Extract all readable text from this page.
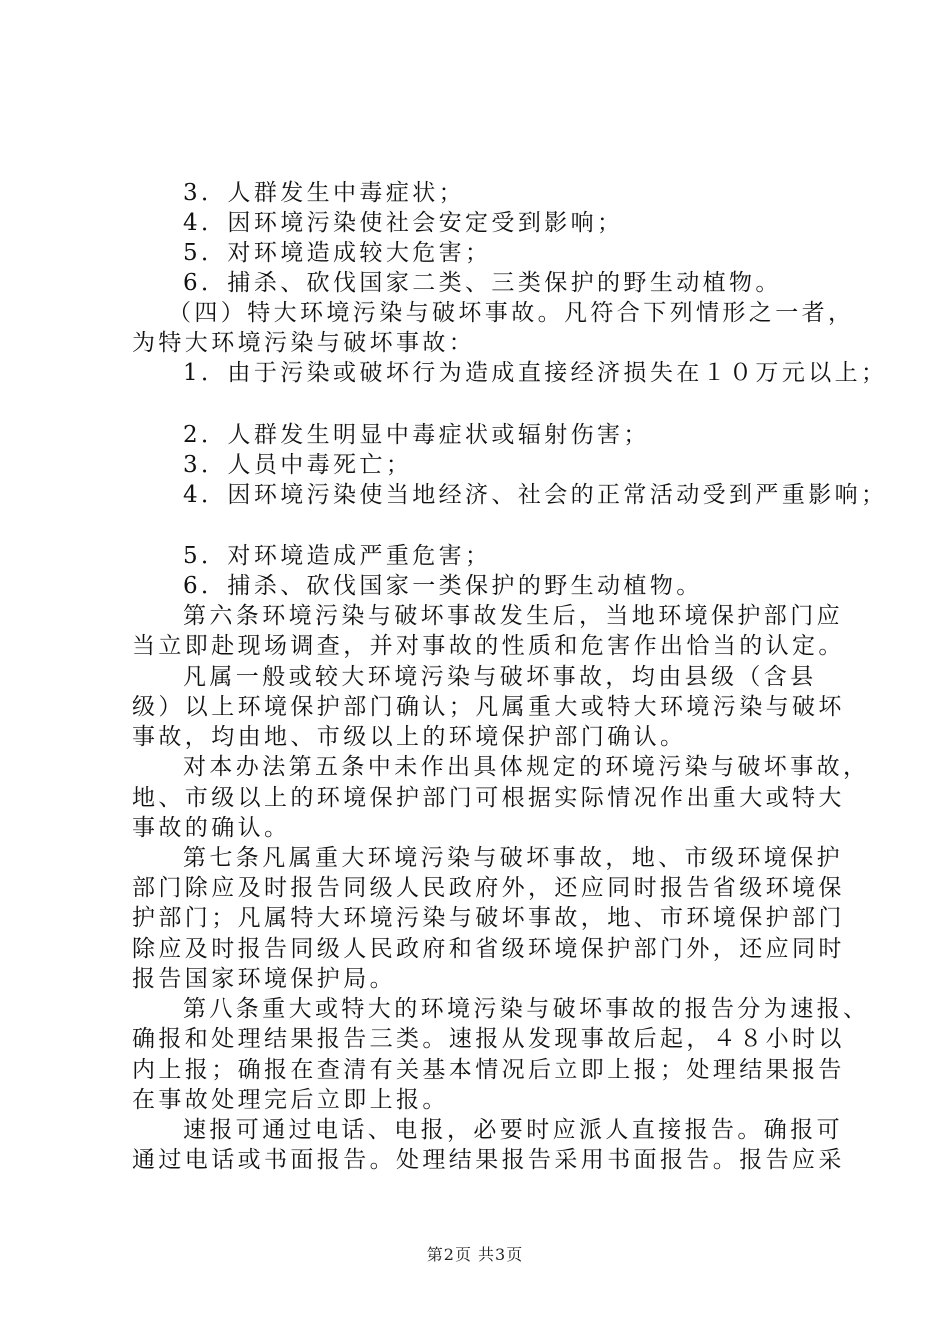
3．人群发生中毒症状；

4．因环境污染使社会安定受到影响；

5．对环境造成较大危害；

6．捕杀、砍伐国家二类、三类保护的野生动植物。

（四）特大环境污染与破坏事故。凡符合下列情形之一者，

为特大环境污染与破坏事故：

1．由于污染或破坏行为造成直接经济损失在１０万元以上；

2．人群发生明显中毒症状或辐射伤害；

3．人员中毒死亡；

4．因环境污染使当地经济、社会的正常活动受到严重影响；

5．对环境造成严重危害；

6．捕杀、砍伐国家一类保护的野生动植物。

第六条环境污染与破坏事故发生后，当地环境保护部门应

当立即赴现场调查，并对事故的性质和危害作出恰当的认定。

凡属一般或较大环境污染与破坏事故，均由县级（含县

级）以上环境保护部门确认；凡属重大或特大环境污染与破坏

事故，均由地、市级以上的环境保护部门确认。

对本办法第五条中未作出具体规定的环境污染与破坏事故，

地、市级以上的环境保护部门可根据实际情况作出重大或特大

事故的确认。

第七条凡属重大环境污染与破坏事故，地、市级环境保护

部门除应及时报告同级人民政府外，还应同时报告省级环境保

护部门；凡属特大环境污染与破坏事故，地、市环境保护部门

除应及时报告同级人民政府和省级环境保护部门外，还应同时

报告国家环境保护局。

第八条重大或特大的环境污染与破坏事故的报告分为速报、

确报和处理结果报告三类。速报从发现事故后起，４８小时以

内上报；确报在查清有关基本情况后立即上报；处理结果报告

在事故处理完后立即上报。

速报可通过电话、电报，必要时应派人直接报告。确报可

通过电话或书面报告。处理结果报告采用书面报告。报告应采

第2页 共3页
